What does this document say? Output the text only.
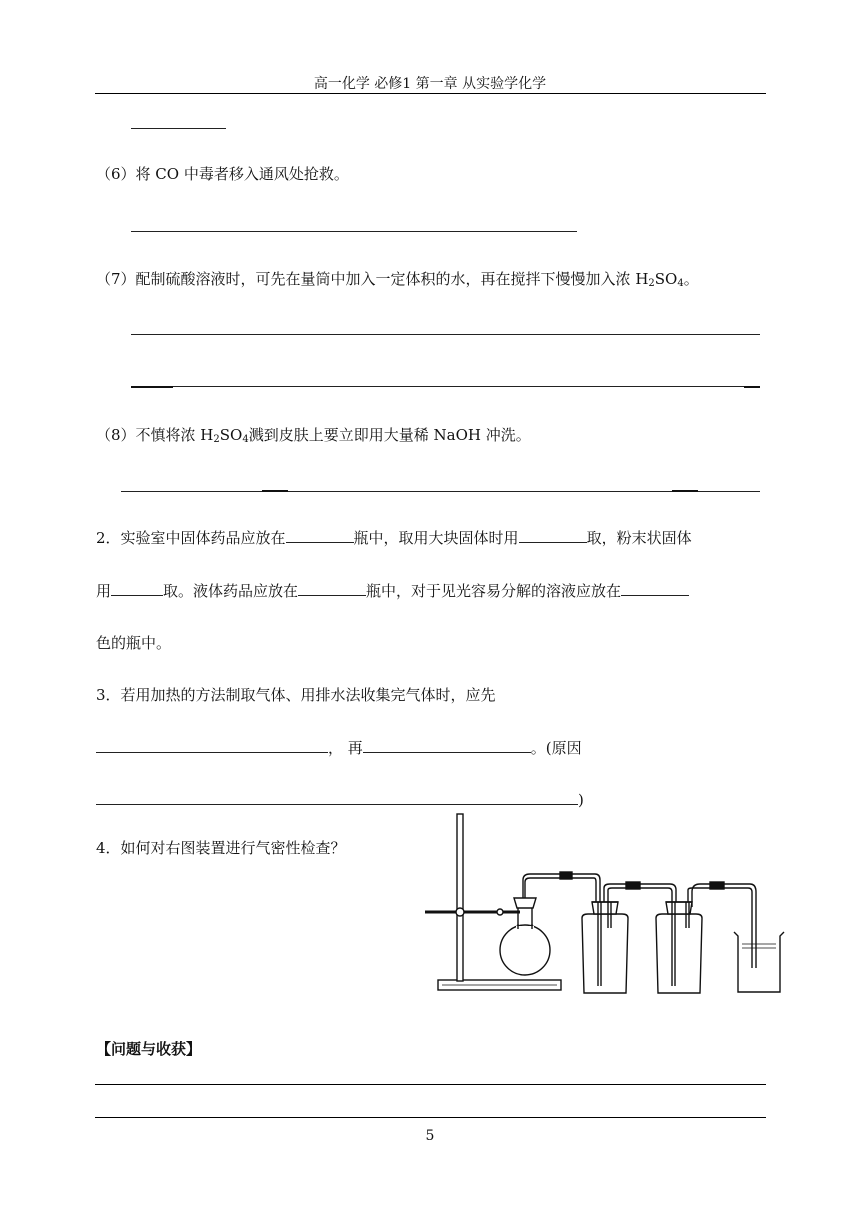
高一化学 必修1 第一章 从实验学化学
（6）将 CO 中毒者移入通风处抢救。
（7）配制硫酸溶液时，可先在量筒中加入一定体积的水，再在搅拌下慢慢加入浓 $H_2SO_4$。
（8）不慎将浓 $H_2SO_4$溅到皮肤上要立即用大量稀 NaOH 冲洗。
2．实验室中固体药品应放在	瓶中，取用大块固体时用	取，粉末状固体
用	取。液体药品应放在	瓶中，对于见光容易分解的溶液应放在
色的瓶中。
3．若用加热的方法制取气体、用排水法收集完气体时，应先
， 再	。(原因
)
4．如何对右图装置进行气密性检查？
【问题与收获】
5
